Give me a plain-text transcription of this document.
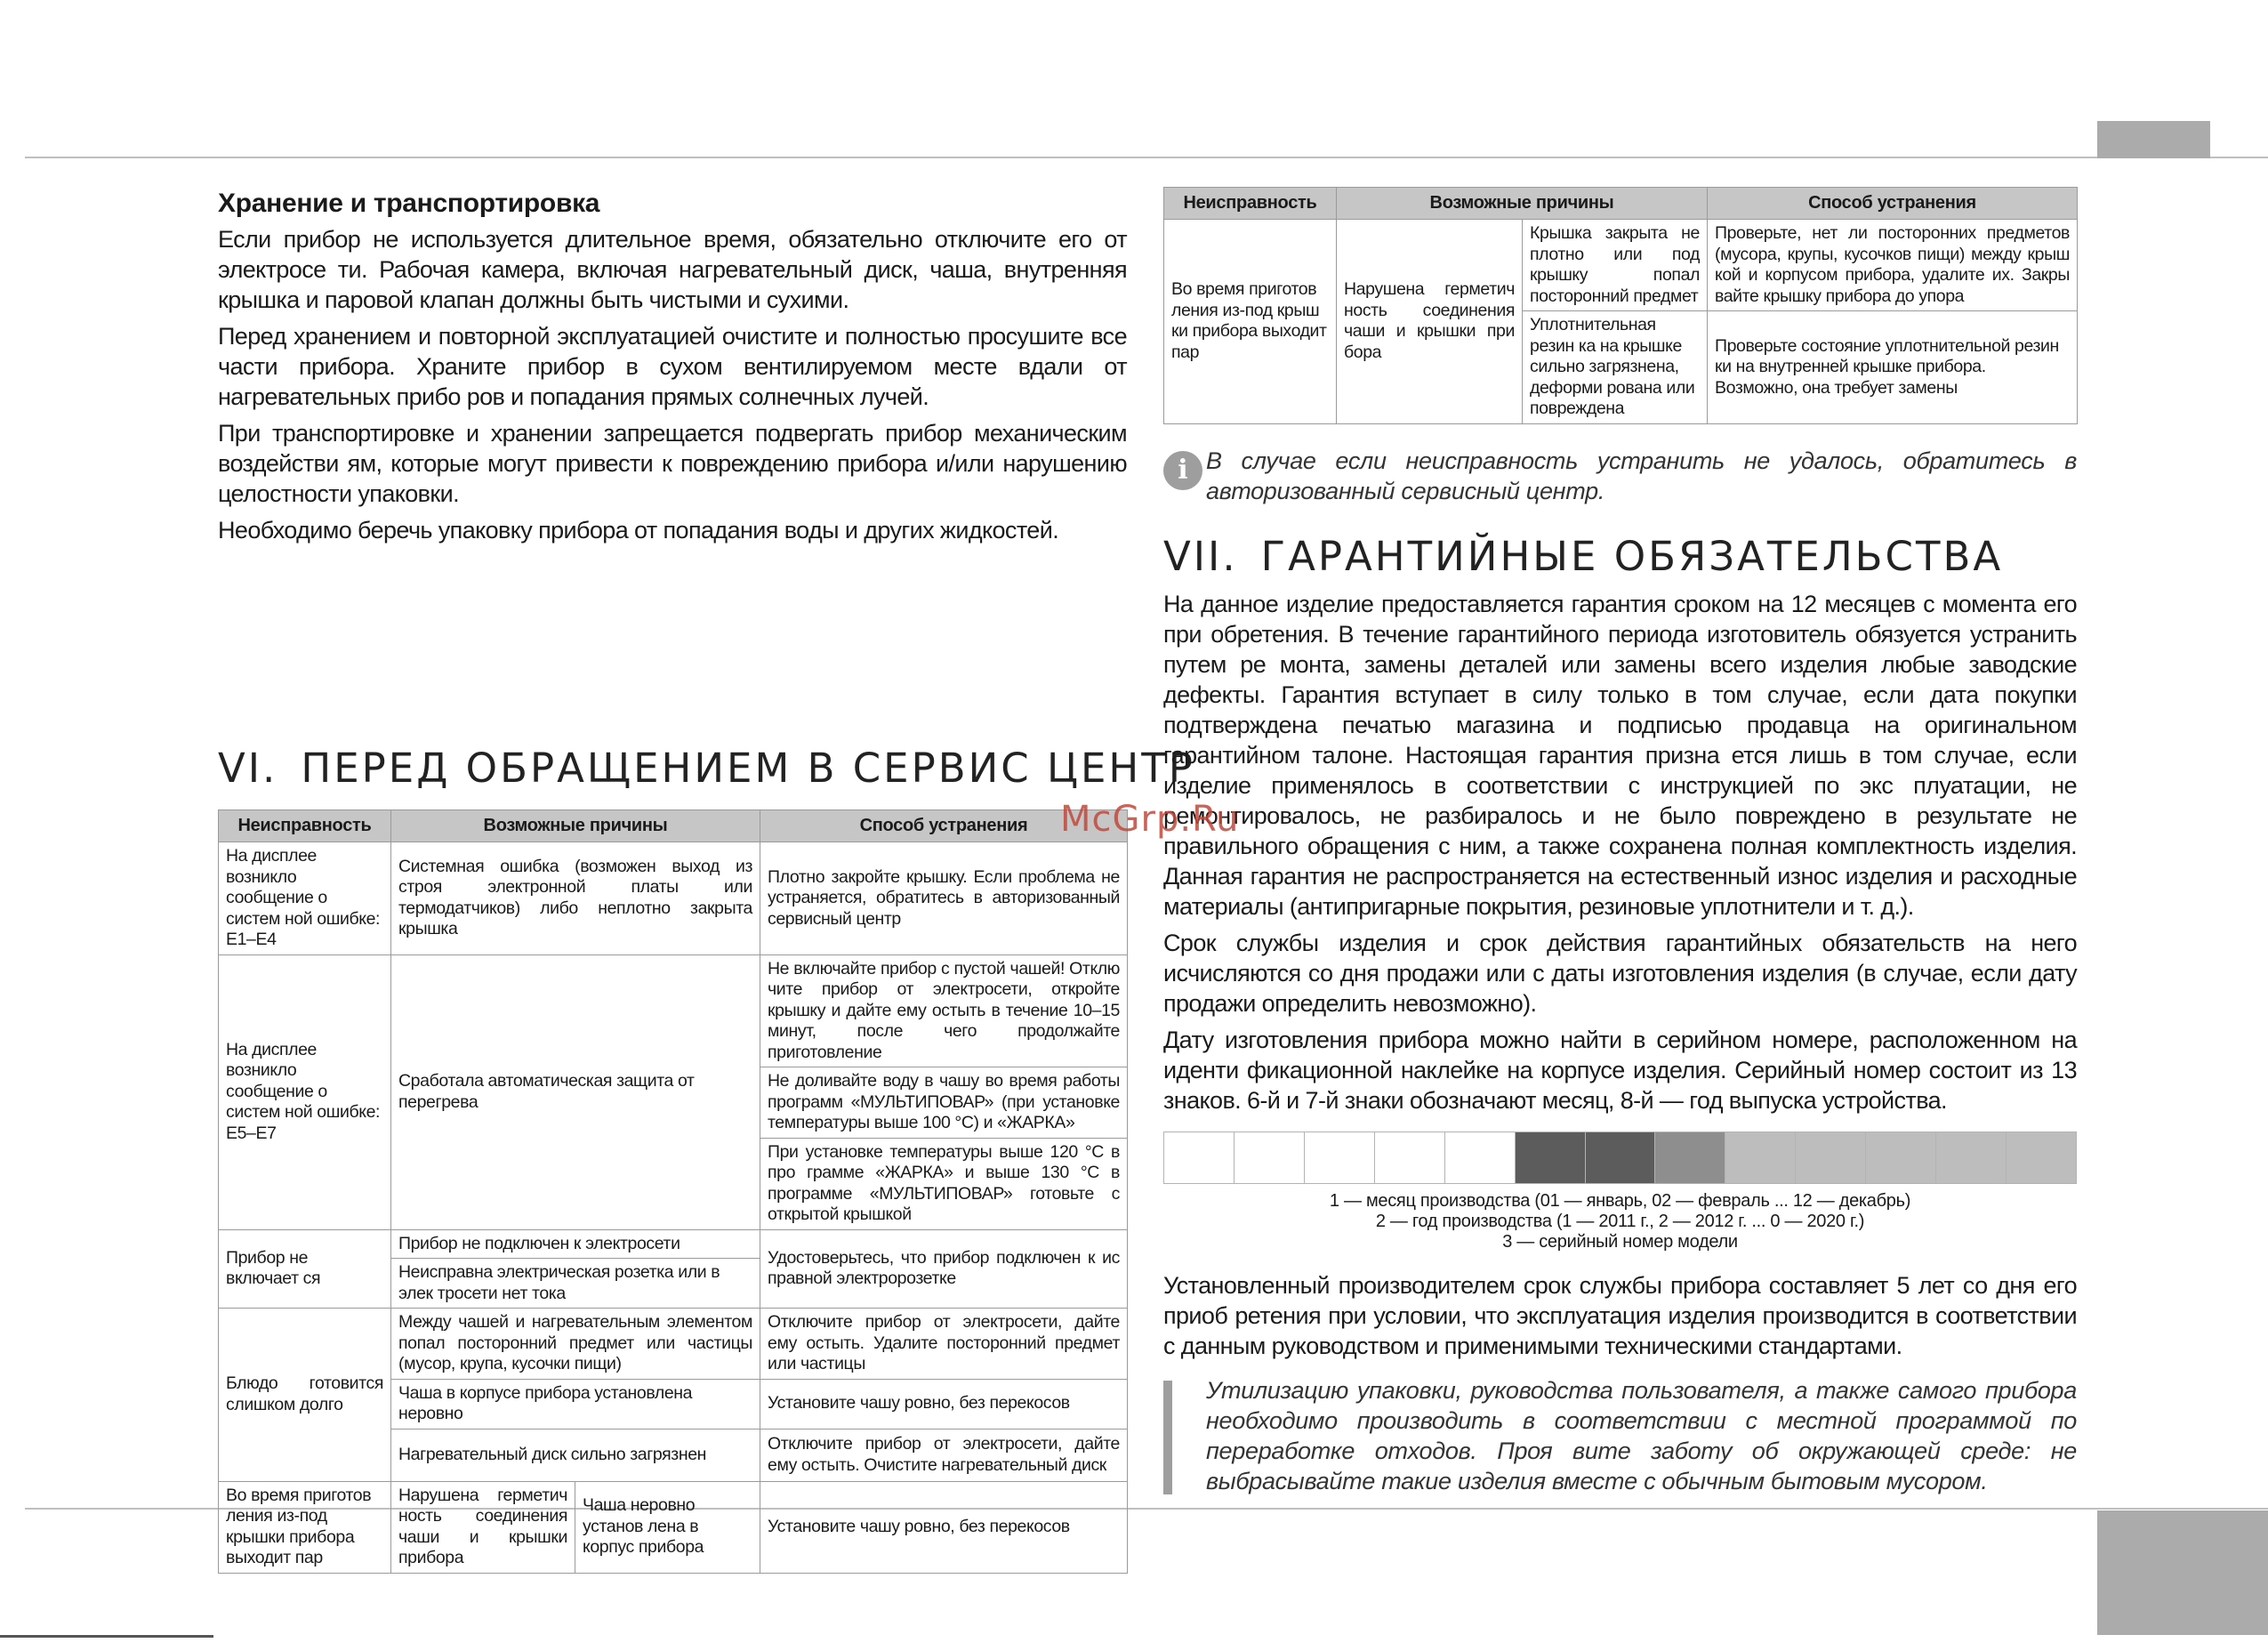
Хранение и транспортировка

Если прибор не используется длительное время, обязательно отключите его от электросе ти. Рабочая камера, включая нагревательный диск, чаша, внутренняя крышка и паровой клапан должны быть чистыми и сухими.

Перед хранением и повторной эксплуатацией очистите и полностью просушите все части прибора. Храните прибор в сухом вентилируемом месте вдали от нагревательных прибо ров и попадания прямых солнечных лучей.

При транспортировке и хранении запрещается подвергать прибор механическим воздействи ям, которые могут привести к повреждению прибора и/или нарушению целостности упаковки.

Необходимо беречь упаковку прибора от попадания воды и других жидкостей.

VI. ПЕРЕД ОБРАЩЕНИЕМ В СЕРВИС ЦЕНТР
Неисправность	Возможные причины		Способ устранения
На дисплее возникло сообщение о систем ной ошибке: E1–E4	Системная ошибка (возможен выход из строя электронной платы или термодатчиков) либо неплотно закрыта крышка		Плотно закройте крышку. Если проблема не устраняется, обратитесь в авторизованный сервисный центр
На дисплее возникло сообщение о систем ной ошибке: E5–E7	Сработала автоматическая защита от перегрева		Не включайте прибор с пустой чашей! Отклю чите прибор от электросети, откройте крышку и дайте ему остыть в течение 10–15 минут, после чего продолжайте приготовление
			Не доливайте воду в чашу во время работы программ «МУЛЬТИПОВАР» (при установке температуры выше 100 °С) и «ЖАРКА»
			При установке температуры выше 120 °С в про грамме «ЖАРКА» и выше 130 °С в программе «МУЛЬТИПОВАР» готовьте с открытой крышкой
Прибор не включает ся	Прибор не подключен к электросети		Удостоверьтесь, что прибор подключен к ис правной электророзетке
	Неисправна электрическая розетка или в элек тросети нет тока		
Блюдо готовится слишком долго	Между чашей и нагревательным элементом попал посторонний предмет или частицы (мусор, крупа, кусочки пищи)		Отключите прибор от электросети, дайте ему остыть. Удалите посторонний предмет или частицы
	Чаша в корпусе прибора установлена неровно		Установите чашу ровно, без перекосов
	Нагревательный диск сильно загрязнен		Отключите прибор от электросети, дайте ему остыть. Очистите нагревательный диск
Во время приготов ления из-под крышки прибора выходит пар	Нарушена герметич ность соединения чаши и крышки прибора	Чаша неровно установ лена в корпус прибора	Установите чашу ровно, без перекосов
Неисправность	Возможные причины		Способ устранения
Во время приготов ления из-под крыш ки прибора выходит пар	Нарушена герметич ность соединения чаши и крышки при бора	Крышка закрыта не плотно или под крышку попал посторонний предмет	Проверьте, нет ли посторонних предметов (мусора, крупы, кусочков пищи) между крыш кой и корпусом прибора, удалите их. Закры вайте крышку прибора до упора
		Уплотнительная резин ка на крышке сильно загрязнена, деформи рована или повреждена	Проверьте состояние уплотнительной резин ки на внутренней крышке прибора. Возможно, она требует замены
i В случае если неисправность устранить не удалось, обратитесь в авторизованный сервисный центр.
VII. ГАРАНТИЙНЫЕ ОБЯЗАТЕЛЬСТВА

На данное изделие предоставляется гарантия сроком на 12 месяцев с момента его при обретения. В течение гарантийного периода изготовитель обязуется устранить путем ре монта, замены деталей или замены всего изделия любые заводские дефекты. Гарантия вступает в силу только в том случае, если дата покупки подтверждена печатью магазина и подписью продавца на оригинальном гарантийном талоне. Настоящая гарантия призна ется лишь в том случае, если изделие применялось в соответствии с инструкцией по экс плуатации, не ремонтировалось, не разбиралось и не было повреждено в результате не правильного обращения с ним, а также сохранена полная комплектность изделия. Данная гарантия не распространяется на естественный износ изделия и расходные материалы (антипригарные покрытия, резиновые уплотнители и т. д.).

Срок службы изделия и срок действия гарантийных обязательств на него исчисляются со дня продажи или с даты изготовления изделия (в случае, если дату продажи определить невозможно).

Дату изготовления прибора можно найти в серийном номере, расположенном на иденти фикационной наклейке на корпусе изделия. Серийный номер состоит из 13 знаков. 6-й и 7-й знаки обозначают месяц, 8-й — год выпуска устройства.

1 — месяц производства (01 — январь, 02 — февраль ... 12 — декабрь)
2 — год производства (1 — 2011 г., 2 — 2012 г. ... 0 — 2020 г.)
3 — серийный номер модели

Установленный производителем срок службы прибора составляет 5 лет со дня его приоб ретения при условии, что эксплуатация изделия производится в соответствии с данным руководством и применимыми техническими стандартами.

Утилизацию упаковки, руководства пользователя, а также самого прибора необходимо производить в соответствии с местной программой по переработке отходов. Проя вите заботу об окружающей среде: не выбрасывайте такие изделия вместе с обычным бытовым мусором.
McGrp.Ru
